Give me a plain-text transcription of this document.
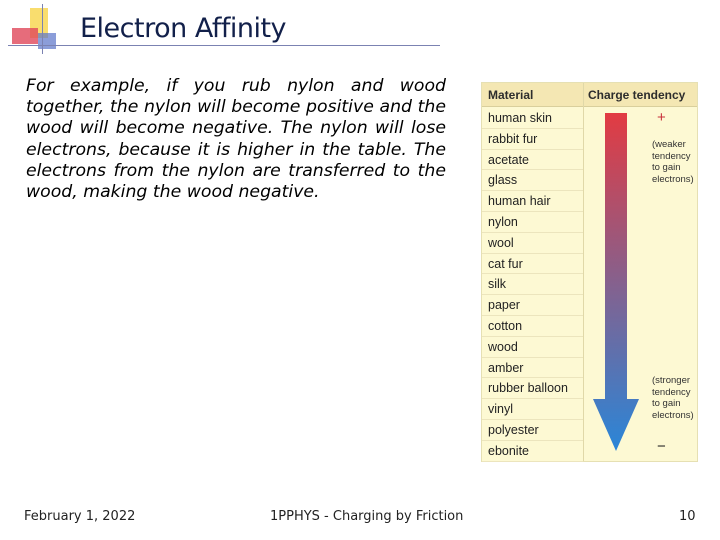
Electron Affinity
For example, if you rub nylon and wood together, the nylon will become positive and the wood will become negative. The nylon will lose electrons, because it is higher in the table. The electrons from the nylon are transferred to the wood, making the wood negative.
Material	Charge tendency
human skin
rabbit fur
acetate
glass
human hair
nylon
wool
cat fur
silk
paper
cotton
wood
amber
rubber balloon
vinyl
polyester
ebonite
+
(weaker tendency to gain electrons)
(stronger tendency to gain electrons)
−
February 1, 2022	1PPHYS - Charging by Friction	10
